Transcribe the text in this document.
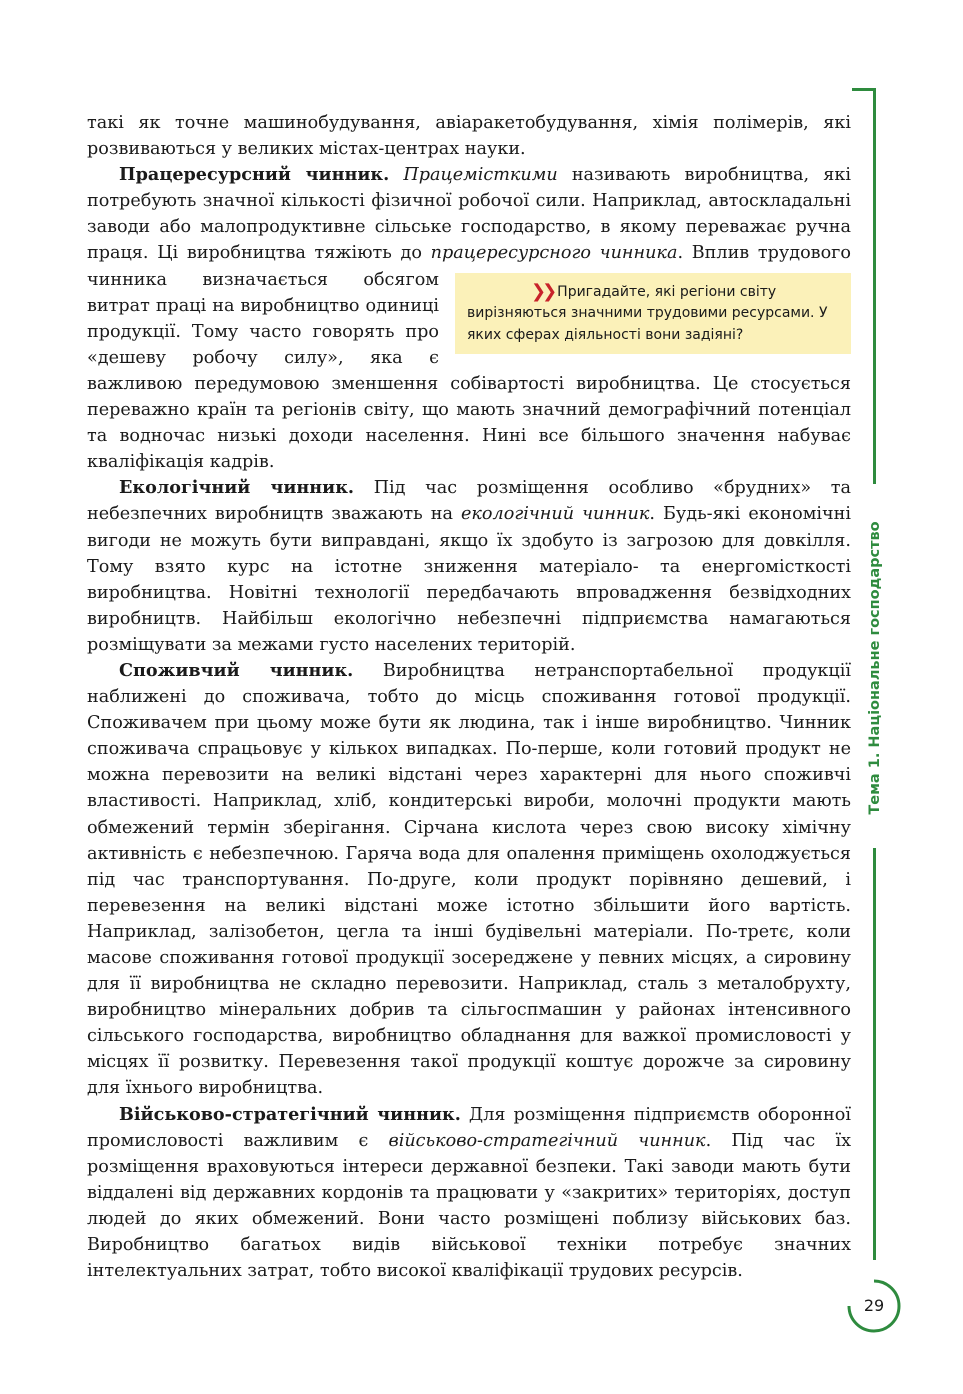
Тема 1. Національне господарство

такі як точне машинобудування, авіаракетобудування, хімія полімерів, які розвиваються у великих містах-центрах науки.

Працересурсний чинник. Працемісткими називають виробництва, які потребують значної кількості фізичної робочої сили. Наприклад, автоскладальні заводи або малопродуктивне сільське господарство, в якому переважає ручна праця. Ці виробництва тяжіють до працересурсного чинника
❯❯ Пригадайте, які регіони світу вирізняються значними трудовими ресурсами. У яких сферах діяльності вони задіяні?
. Вплив трудового чинника визначається обсягом витрат праці на виробництво одиниці продукції. Тому часто говорять про «дешеву робочу силу», яка є важливою передумовою зменшення собівартості виробництва. Це стосується переважно країн та регіонів світу, що мають значний демографічний потенціал та водночас низькі доходи населення. Нині все більшого значення набуває кваліфікація кадрів.

Екологічний чинник. Під час розміщення особливо «брудних» та небезпечних виробництв зважають на екологічний чинник. Будь-які економічні вигоди не можуть бути виправдані, якщо їх здобуто із загрозою для довкілля. Тому взято курс на істотне зниження матеріало- та енергомісткості виробництва. Новітні технології передбачають впровадження безвідходних виробництв. Найбільш екологічно небезпечні підприємства намагаються розміщувати за межами густо населених територій.

Споживчий чинник. Виробництва нетранспортабельної продукції наближені до споживача, тобто до місць споживання готової продукції. Споживачем при цьому може бути як людина, так і інше виробництво. Чинник споживача спрацьовує у кількох випадках. По-перше, коли готовий продукт не можна перевозити на великі відстані через характерні для нього споживчі властивості. Наприклад, хліб, кондитерські вироби, молочні продукти мають обмежений термін зберігання. Сірчана кислота через свою високу хімічну активність є небезпечною. Гаряча вода для опалення приміщень охолоджується під час транспортування. По-друге, коли продукт порівняно дешевий, і перевезення на великі відстані може істотно збільшити його вартість. Наприклад, залізобетон, цегла та інші будівельні матеріали. По-третє, коли масове споживання готової продукції зосереджене у певних місцях, а сировину для її виробництва не складно перевозити. Наприклад, сталь з металобрухту, виробництво мінеральних добрив та сільгоспмашин у районах інтенсивного сільського господарства, виробництво обладнання для важкої промисловості у місцях її розвитку. Перевезення такої продукції коштує дорожче за сировину для їхнього виробництва.

Військово-стратегічний чинник. Для розміщення підприємств оборонної промисловості важливим є військово-стратегічний чинник. Під час їх розміщення враховуються інтереси державної безпеки. Такі заводи мають бути віддалені від державних кордонів та працювати у «закритих» територіях, доступ людей до яких обмежений. Вони часто розміщені поблизу військових баз. Виробництво багатьох видів військової техніки потребує значних інтелектуальних затрат, тобто високої кваліфікації трудових ресурсів.

29
